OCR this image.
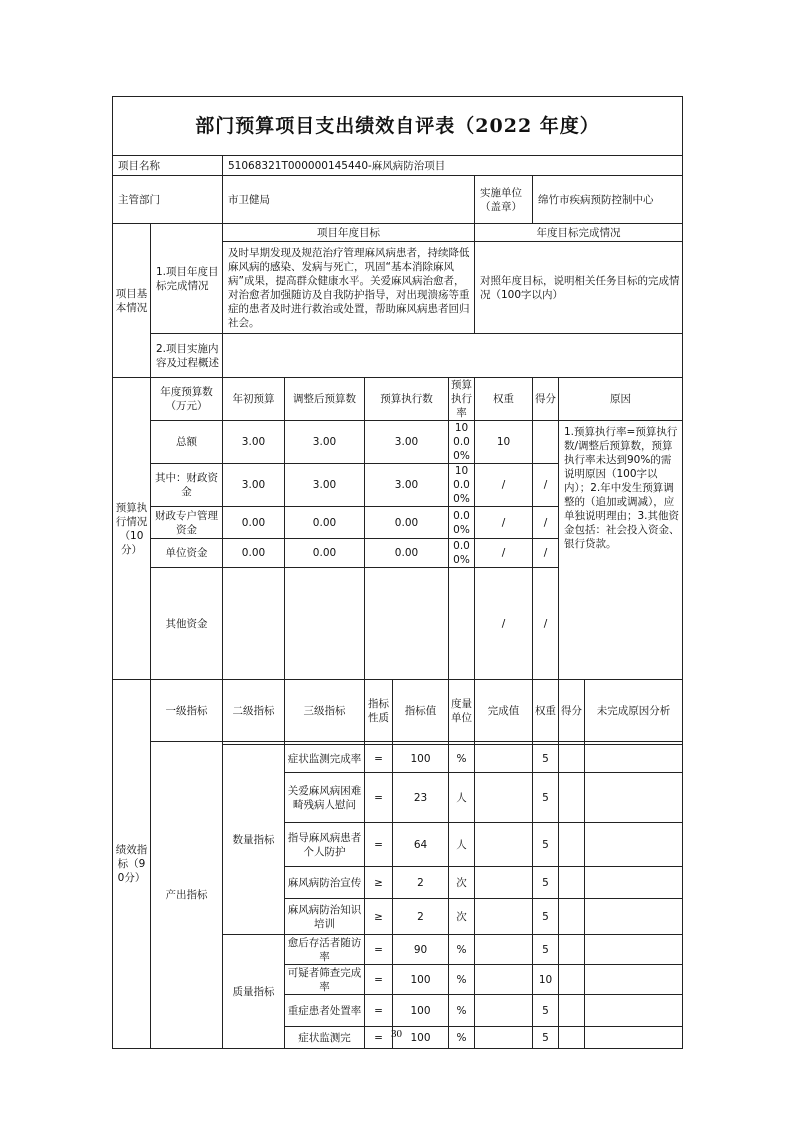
部门预算项目支出绩效自评表（2022 年度）										
项目名称		51068321T000000145440-麻风病防治项目								
主管部门		市卫健局					实施单位（盖章）	绵竹市疾病预防控制中心		
项目基本情况	1.项目年度目标完成情况	项目年度目标					年度目标完成情况			
		及时早期发现及规范治疗管理麻风病患者，持续降低麻风病的感染、发病与死亡，巩固“基本消除麻风病”成果，提高群众健康水平。关爱麻风病治愈者，对治愈者加强随访及自我防护指导，对出现溃疡等重症的患者及时进行救治或处置，帮助麻风病患者回归社会。					对照年度目标，说明相关任务目标的完成情况（100字以内）			
	2.项目实施内容及过程概述									

预算执行情况（10分）	年度预算数（万元）	年初预算	调整后预算数	预算执行数		预算执行率	权重	得分	原因	
	总额	3.00	3.00	3.00		100.00%	10		1.预算执行率=预算执行数/调整后预算数，预算执行率未达到90%的需说明原因（100字以内）；2.年中发生预算调整的（追加或调减），应单独说明理由；3.其他资金包括：社会投入资金、银行贷款。	
	其中：财政资金	3.00	3.00	3.00		100.00%	/	/		
	财政专户管理资金	0.00	0.00	0.00		0.00%	/	/		
	单位资金	0.00	0.00	0.00		0.00%	/	/		
	其他资金						/	/		
绩效指标（90分）	一级指标	二级指标	三级指标	指标性质	指标值	度量单位	完成值	权重	得分	未完成原因分析
	产出指标									
		数量指标	症状监测完成率	=	100	%		5		
			关爱麻风病困难畸残病人慰问	=	23	人		5		
			指导麻风病患者个人防护	=	64	人		5		
			麻风病防治宣传	≥	2	次		5		
			麻风病防治知识培训	≥	2	次		5		
		质量指标	愈后存活者随访率	=	90	%		5		
			可疑者筛查完成率	=	100	%		10		
			重症患者处置率	=	100	%		5		
			症状监测完	=	100	%		5		
30
